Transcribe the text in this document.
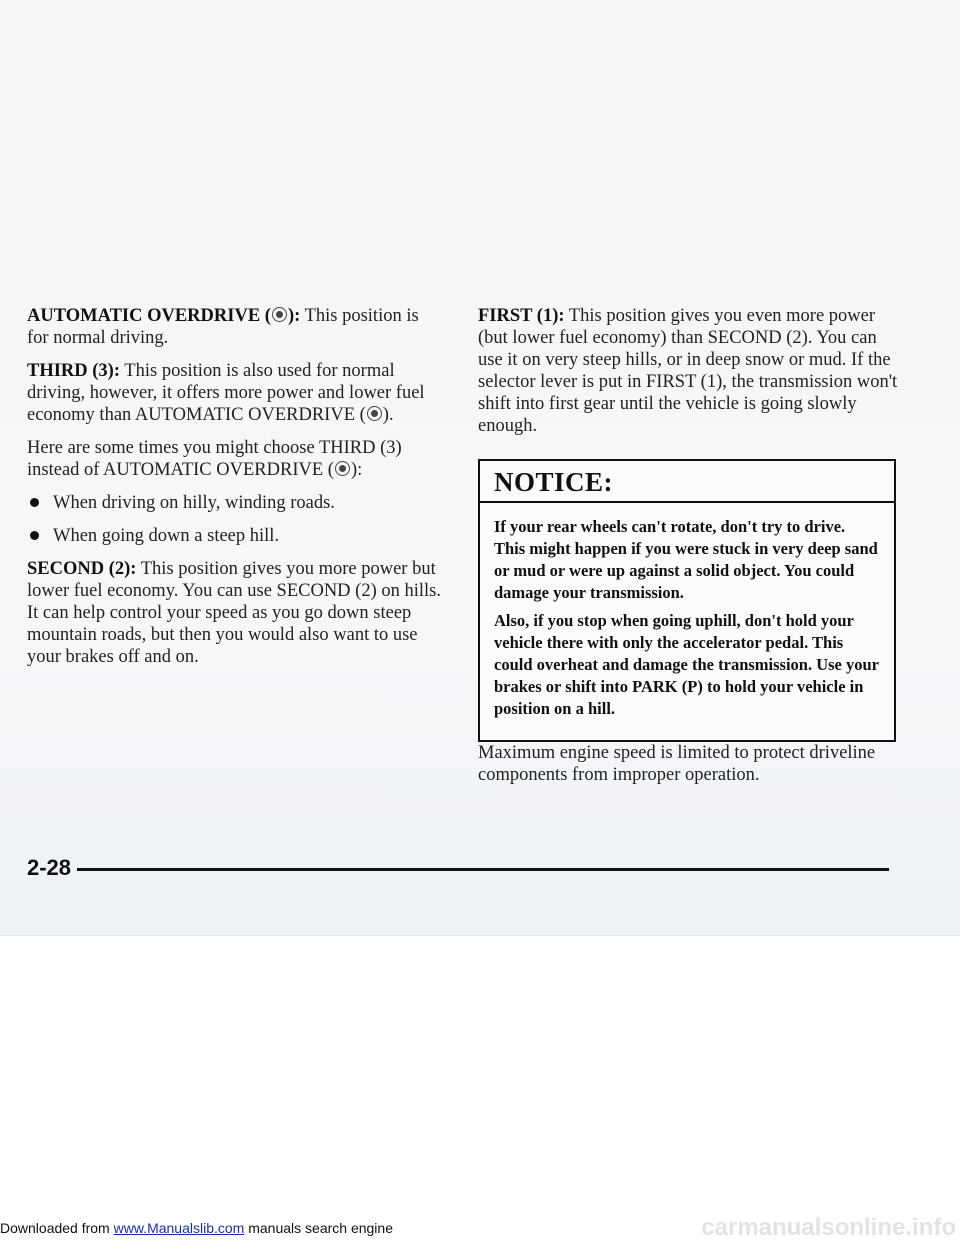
AUTOMATIC OVERDRIVE ( ): This position is for normal driving.

THIRD (3): This position is also used for normal driving, however, it offers more power and lower fuel economy than AUTOMATIC OVERDRIVE ( ).

Here are some times you might choose THIRD (3) instead of AUTOMATIC OVERDRIVE ( ):

When driving on hilly, winding roads.
When going down a steep hill.

SECOND (2): This position gives you more power but lower fuel economy. You can use SECOND (2) on hills. It can help control your speed as you go down steep mountain roads, but then you would also want to use your brakes off and on.

FIRST (1): This position gives you even more power (but lower fuel economy) than SECOND (2). You can use it on very steep hills, or in deep snow or mud. If the selector lever is put in FIRST (1), the transmission won't shift into first gear until the vehicle is going slowly enough.

NOTICE:

If your rear wheels can't rotate, don't try to drive. This might happen if you were stuck in very deep sand or mud or were up against a solid object. You could damage your transmission.

Also, if you stop when going uphill, don't hold your vehicle there with only the accelerator pedal. This could overheat and damage the transmission. Use your brakes or shift into PARK (P) to hold your vehicle in position on a hill.

Maximum engine speed is limited to protect driveline components from improper operation.

2-28
Downloaded from www.Manualslib.com manuals search engine	carmanualsonline.info
